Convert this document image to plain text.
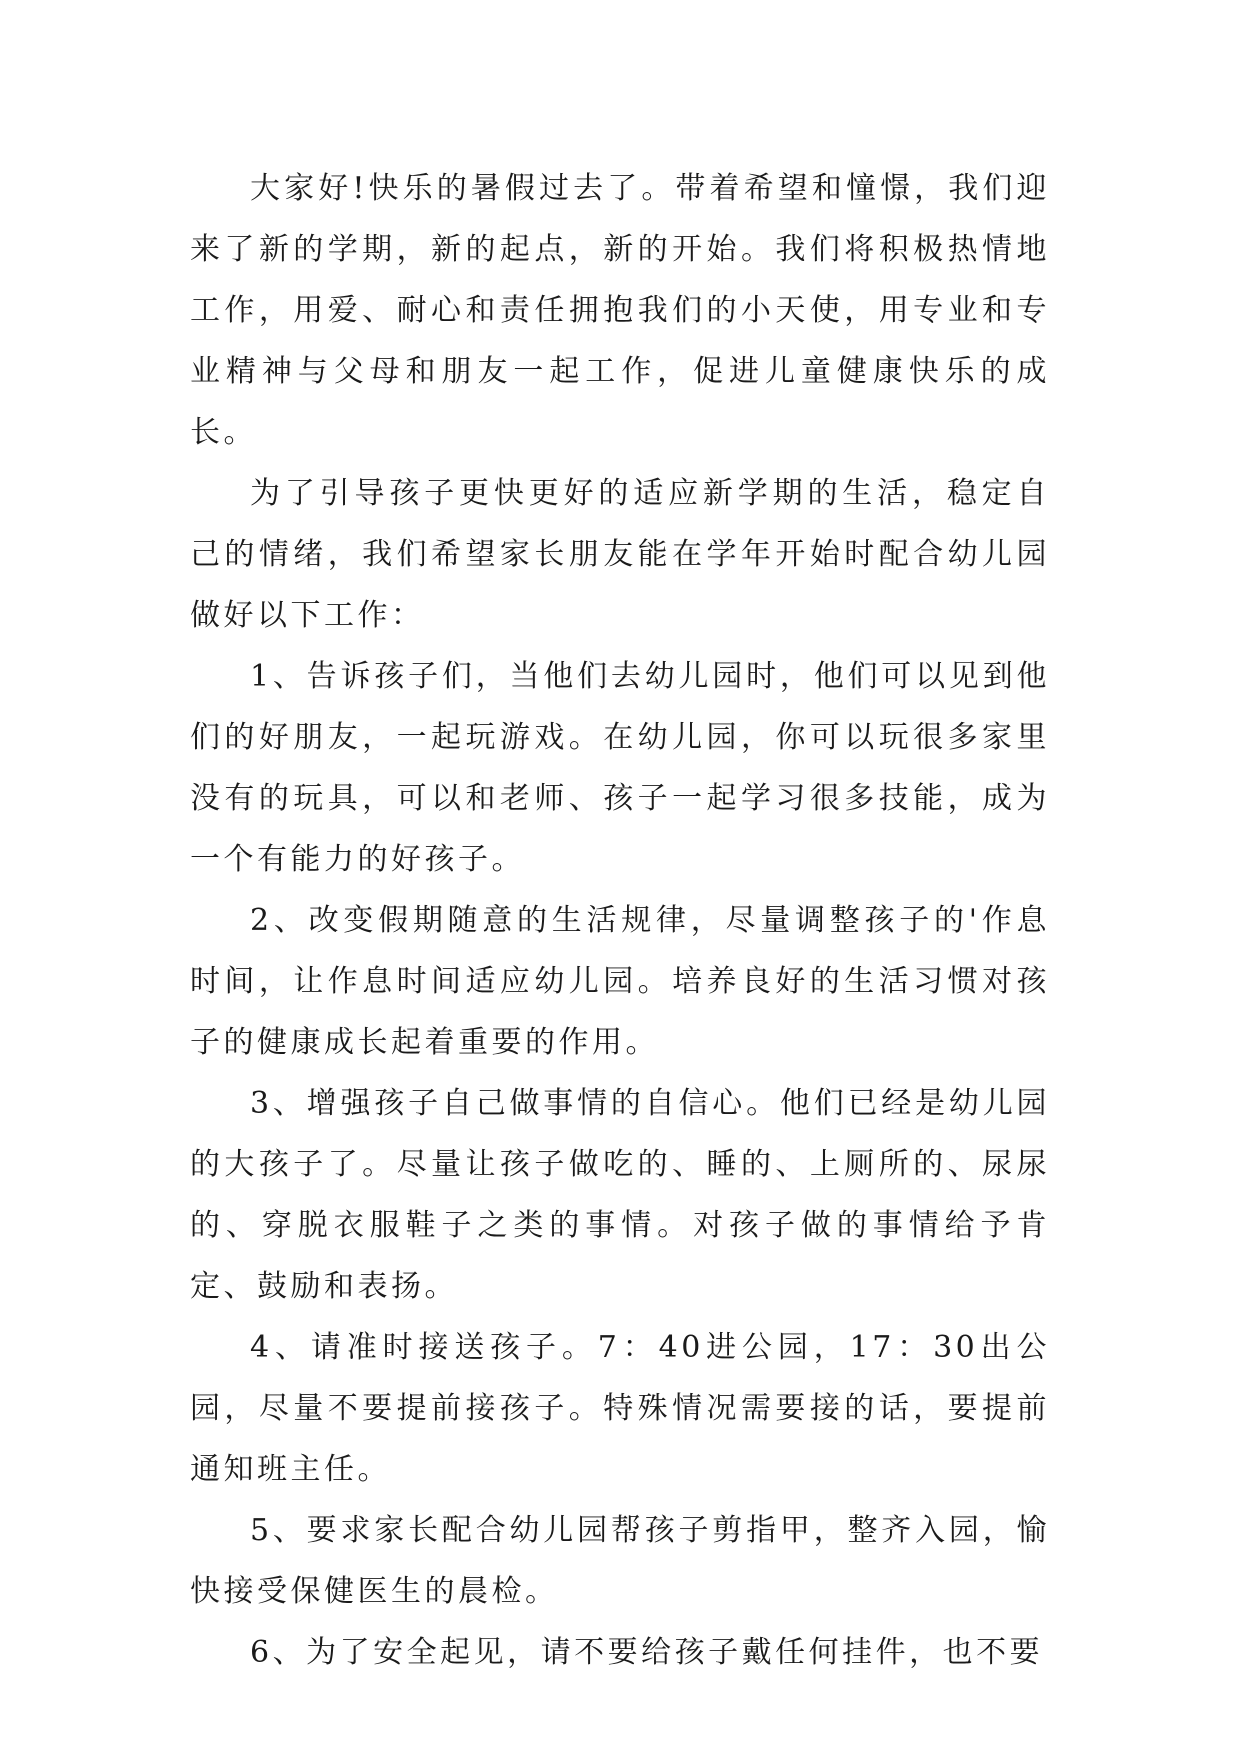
大家好!快乐的暑假过去了。带着希望和憧憬，我们迎来了新的学期，新的起点，新的开始。我们将积极热情地工作，用爱、耐心和责任拥抱我们的小天使，用专业和专业精神与父母和朋友一起工作，促进儿童健康快乐的成长。

为了引导孩子更快更好的适应新学期的生活，稳定自己的情绪，我们希望家长朋友能在学年开始时配合幼儿园做好以下工作：

1、告诉孩子们，当他们去幼儿园时，他们可以见到他们的好朋友，一起玩游戏。在幼儿园，你可以玩很多家里没有的玩具，可以和老师、孩子一起学习很多技能，成为一个有能力的好孩子。

2、改变假期随意的生活规律，尽量调整孩子的'作息时间，让作息时间适应幼儿园。培养良好的生活习惯对孩子的健康成长起着重要的作用。

3、增强孩子自己做事情的自信心。他们已经是幼儿园的大孩子了。尽量让孩子做吃的、睡的、上厕所的、尿尿的、穿脱衣服鞋子之类的事情。对孩子做的事情给予肯定、鼓励和表扬。

4、请准时接送孩子。7：40进公园，17：30出公园，尽量不要提前接孩子。特殊情况需要接的话，要提前通知班主任。

5、要求家长配合幼儿园帮孩子剪指甲，整齐入园，愉快接受保健医生的晨检。

6、为了安全起见，请不要给孩子戴任何挂件，也不要
